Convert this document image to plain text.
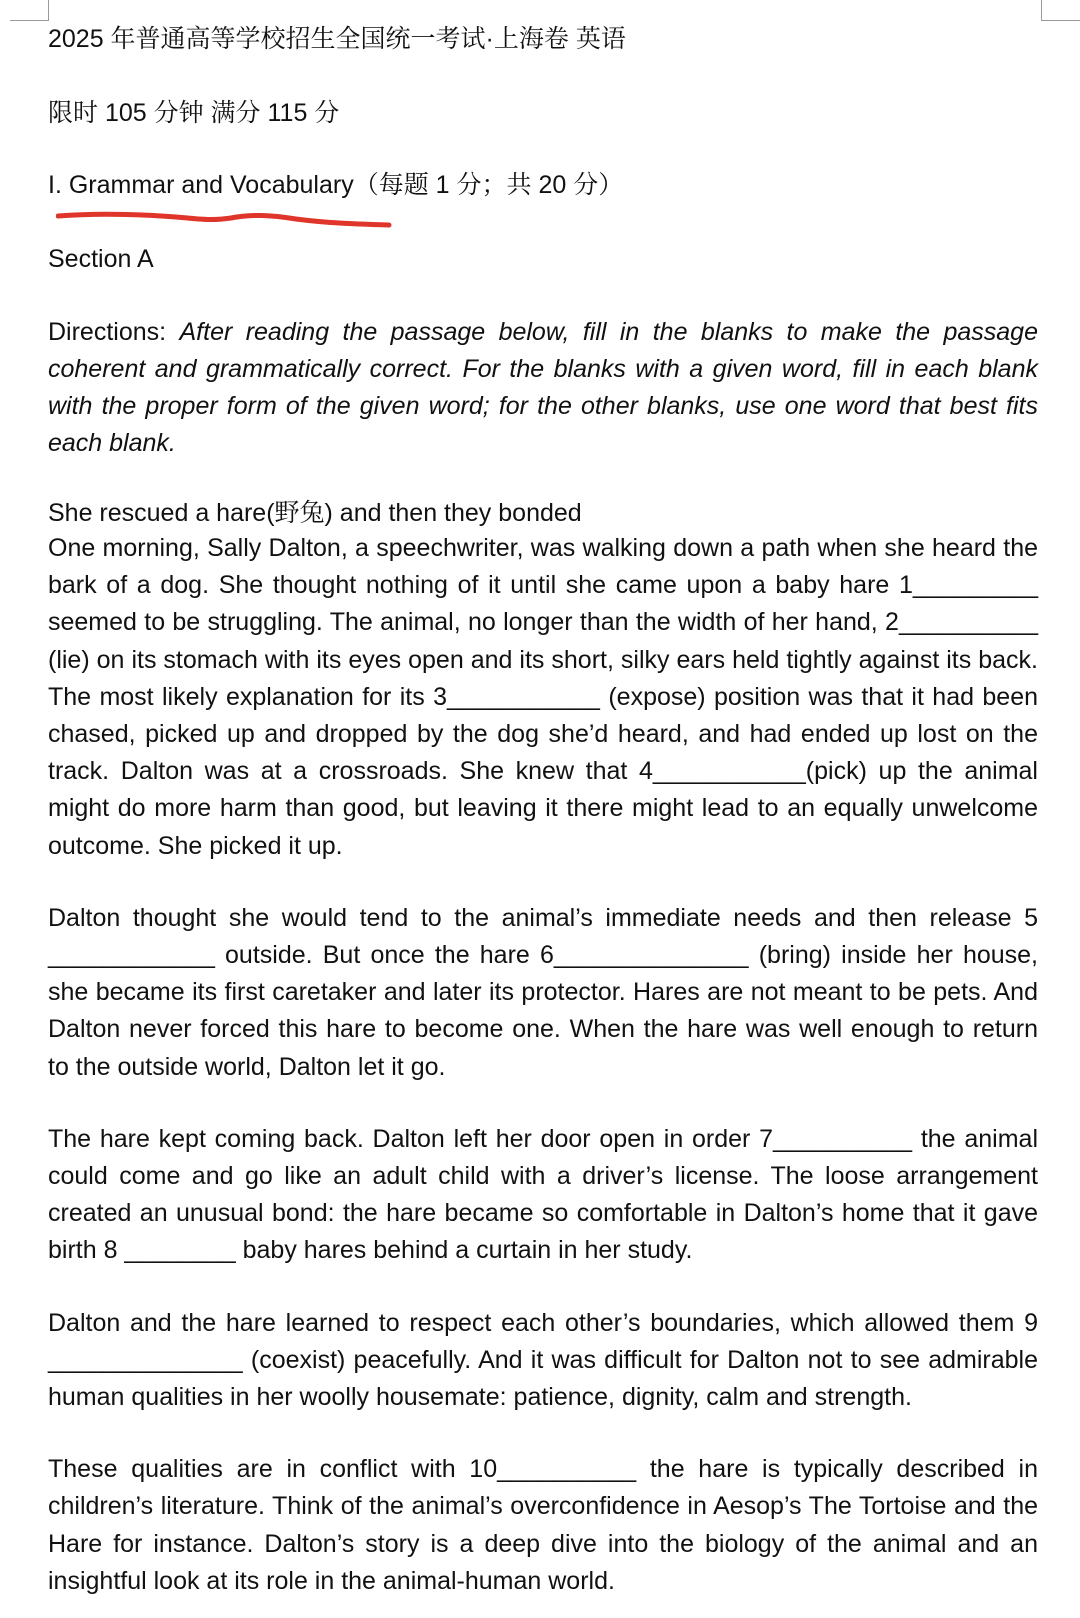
2025 年普通高等学校招生全国统一考试·上海卷 英语
限时 105 分钟 满分 115 分
I. Grammar and Vocabulary（每题 1 分；共 20 分）
Section A
Directions: After reading the passage below, fill in the blanks to make the passage coherent and grammatically correct. For the blanks with a given word, fill in each blank with the proper form of the given word; for the other blanks, use one word that best fits each blank.
She rescued a hare(野兔) and then they bonded

One morning, Sally Dalton, a speechwriter, was walking down a path when she heard the bark of a dog. She thought nothing of it until she came upon a baby hare 1_________ seemed to be struggling. The animal, no longer than the width of her hand, 2__________ (lie) on its stomach with its eyes open and its short, silky ears held tightly against its back. The most likely explanation for its 3___________ (expose) position was that it had been chased, picked up and dropped by the dog she’d heard, and had ended up lost on the track. Dalton was at a crossroads. She knew that 4___________(pick) up the animal might do more harm than good, but leaving it there might lead to an equally unwelcome outcome. She picked it up.

Dalton thought she would tend to the animal’s immediate needs and then release 5 ____________ outside. But once the hare 6______________ (bring) inside her house, she became its first caretaker and later its protector. Hares are not meant to be pets. And Dalton never forced this hare to become one. When the hare was well enough to return to the outside world, Dalton let it go.

The hare kept coming back. Dalton left her door open in order 7__________ the animal could come and go like an adult child with a driver’s license. The loose arrangement created an unusual bond: the hare became so comfortable in Dalton’s home that it gave birth 8 ________ baby hares behind a curtain in her study.

Dalton and the hare learned to respect each other’s boundaries, which allowed them 9 ______________ (coexist) peacefully. And it was difficult for Dalton not to see admirable human qualities in her woolly housemate: patience, dignity, calm and strength.

These qualities are in conflict with 10__________ the hare is typically described in children’s literature. Think of the animal’s overconfidence in Aesop’s The Tortoise and the Hare for instance. Dalton’s story is a deep dive into the biology of the animal and an insightful look at its role in the animal-human world.
